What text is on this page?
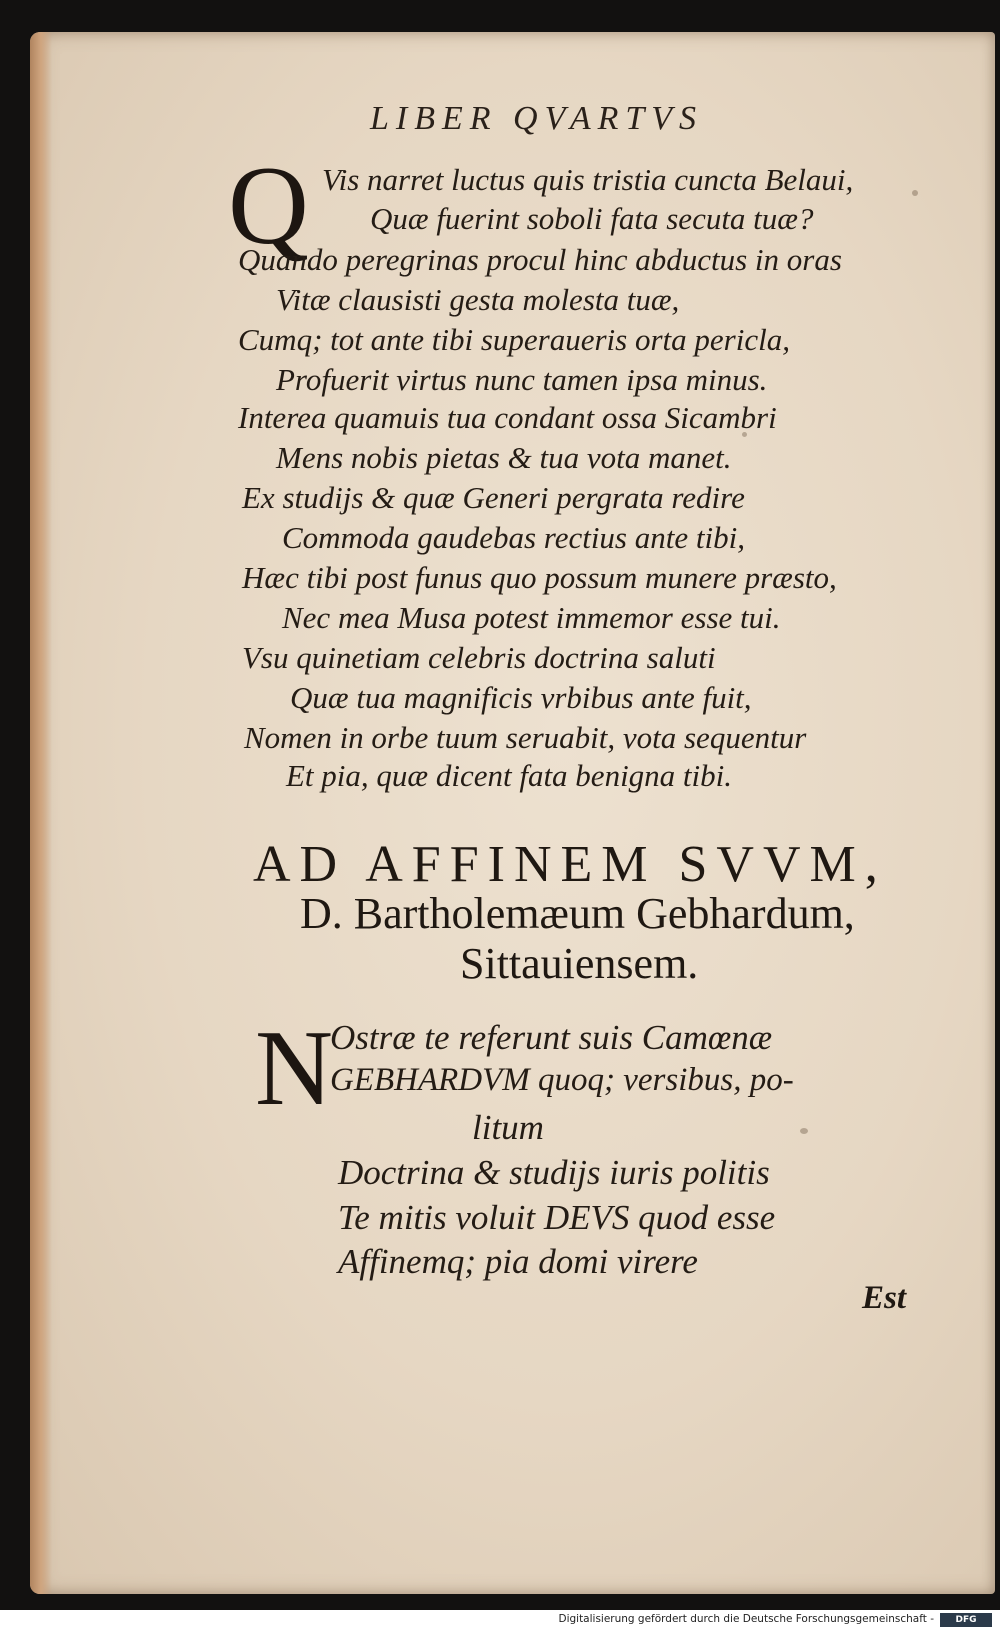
LIBER QVARTVS
Q Vis narret luctus quis tristia cuncta Belaui,
Quæ fuerint soboli fata secuta tuæ?
Quando peregrinas procul hinc abductus in oras
Vitæ clausisti gesta molesta tuæ,
Cumq; tot ante tibi superaueris orta pericla,
Profuerit virtus nunc tamen ipsa minus.
Interea quamuis tua condant ossa Sicambri
Mens nobis pietas & tua vota manet.
Ex studijs & quæ Generi pergrata redire
Commoda gaudebas rectius ante tibi,
Hæc tibi post funus quo possum munere præsto,
Nec mea Musa potest immemor esse tui.
Vsu quinetiam celebris doctrina saluti
Quæ tua magnificis vrbibus ante fuit,
Nomen in orbe tuum seruabit, vota sequentur
Et pia, quæ dicent fata benigna tibi.
AD AFFINEM SVVM,
D. Bartholemæum Gebhardum,
Sittauiensem.
N
Ostræ te referunt suis Camœnæ
GEBHARDVM quoq; versibus, po-
litum
Doctrina & studijs iuris politis
Te mitis voluit DEVS quod esse
Affinemq; pia domi virere
Est
Digitalisierung gefördert durch die Deutsche Forschungsgemeinschaft -	DFG
